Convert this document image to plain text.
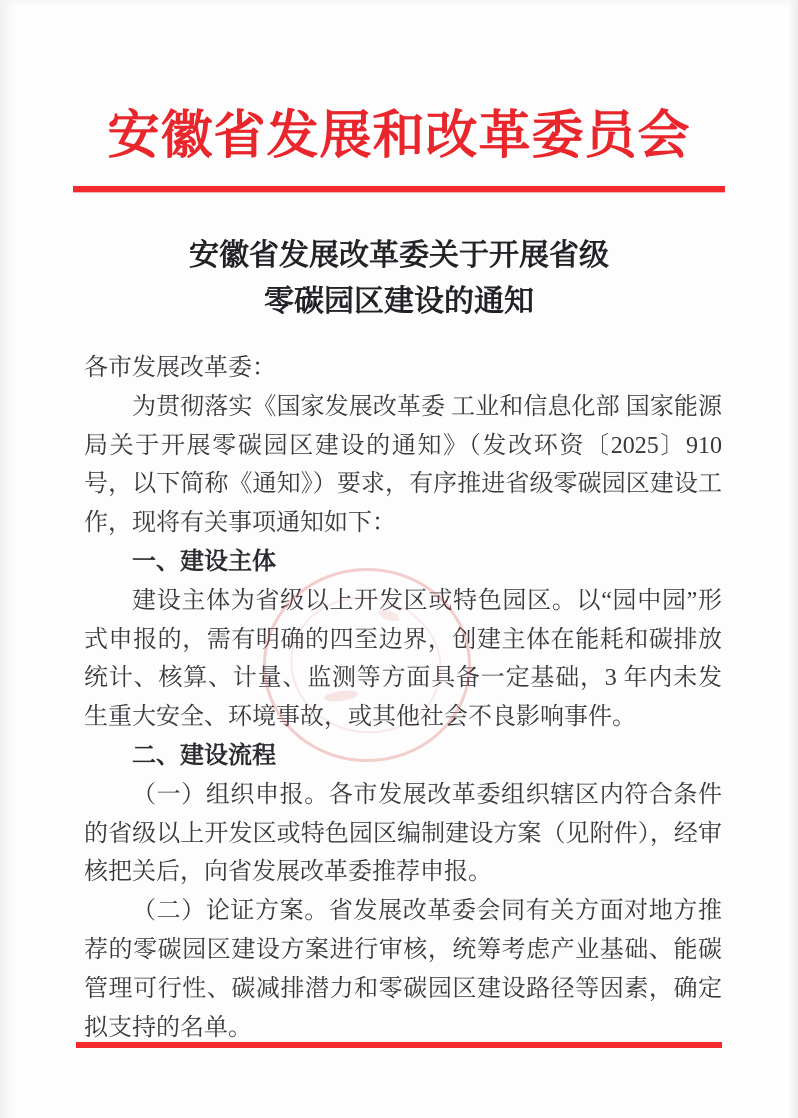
安徽省发展和改革委员会
安徽省发展改革委关于开展省级
零碳园区建设的通知

各市发展改革委：

为贯彻落实《国家发展改革委 工业和信息化部 国家能源局关于开展零碳园区建设的通知》（发改环资〔2025〕910 号，以下简称《通知》）要求，有序推进省级零碳园区建设工作，现将有关事项通知如下：

一、建设主体

建设主体为省级以上开发区或特色园区。以“园中园”形式申报的，需有明确的四至边界，创建主体在能耗和碳排放统计、核算、计量、监测等方面具备一定基础，3 年内未发生重大安全、环境事故，或其他社会不良影响事件。

二、建设流程

（一）组织申报。各市发展改革委组织辖区内符合条件的省级以上开发区或特色园区编制建设方案（见附件），经审核把关后，向省发展改革委推荐申报。

（二）论证方案。省发展改革委会同有关方面对地方推荐的零碳园区建设方案进行审核，统筹考虑产业基础、能碳管理可行性、碳减排潜力和零碳园区建设路径等因素，确定拟支持的名单。
